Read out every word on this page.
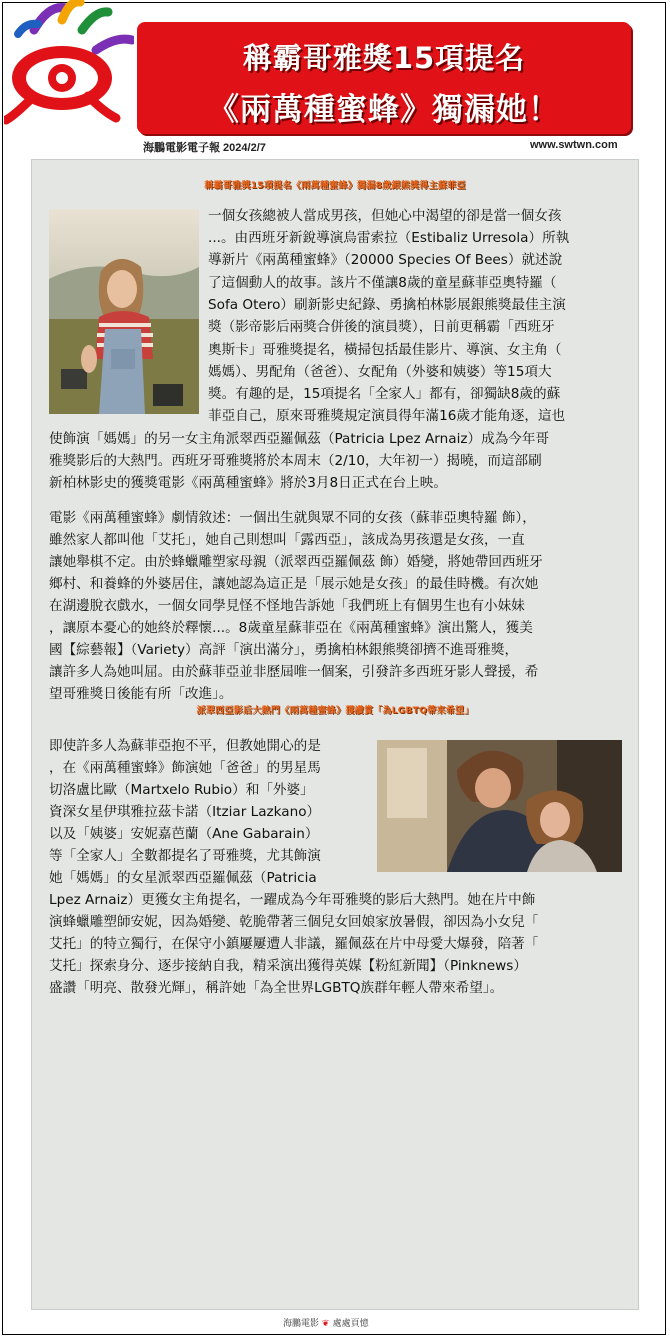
稱霸哥雅獎15項提名
《兩萬種蜜蜂》獨漏她！
海鵬電影電子報 2024/2/7	www.swtwn.com
稱霸哥雅獎15項提名《兩萬種蜜蜂》獨漏8歲銀熊獎得主蘇菲亞
一個女孩總被人當成男孩，但她心中渴望的卻是當一個女孩
...。由西班牙新銳導演烏雷索拉（Estibaliz Urresola）所執
導新片《兩萬種蜜蜂》（20000 Species Of Bees）就述說
了這個動人的故事。該片不僅讓8歲的童星蘇菲亞奧特羅（
Sofa Otero）刷新影史紀錄、勇擒柏林影展銀熊獎最佳主演
獎（影帝影后兩獎合併後的演員獎），日前更稱霸「西班牙
奧斯卡」哥雅獎提名，橫掃包括最佳影片、導演、女主角（
媽媽）、男配角（爸爸）、女配角（外婆和姨婆）等15項大
獎。有趣的是，15項提名「全家人」都有，卻獨缺8歲的蘇
菲亞自己，原來哥雅獎規定演員得年滿16歲才能角逐，這也
使飾演「媽媽」的另一女主角派翠西亞羅佩茲（Patricia Lpez Arnaiz）成為今年哥
雅獎影后的大熱門。西班牙哥雅獎將於本周末（2/10，大年初一）揭曉，而這部刷
新柏林影史的獲獎電影《兩萬種蜜蜂》將於3月8日正式在台上映。
電影《兩萬種蜜蜂》劇情敘述：一個出生就與眾不同的女孩（蘇菲亞奧特羅 飾），
雖然家人都叫他「艾托」，她自己則想叫「露西亞」，該成為男孩還是女孩，一直
讓她舉棋不定。由於蜂蠟雕塑家母親（派翠西亞羅佩茲 飾）婚變，將她帶回西班牙
鄉村、和養蜂的外婆居住，讓她認為這正是「展示她是女孩」的最佳時機。有次她
在湖邊脫衣戲水，一個女同學見怪不怪地告訴她「我們班上有個男生也有小妹妹
，讓原本憂心的她終於釋懷...。8歲童星蘇菲亞在《兩萬種蜜蜂》演出驚人，獲美
國【綜藝報】（Variety）高評「演出滿分」，勇擒柏林銀熊獎卻擠不進哥雅獎，
讓許多人為她叫屈。由於蘇菲亞並非歷屆唯一個案，引發許多西班牙影人聲援，希
望哥雅獎日後能有所「改進」。
派翠西亞影后大熱門《兩萬種蜜蜂》獲讚賞「為LGBTQ帶來希望」
即使許多人為蘇菲亞抱不平，但教她開心的是
，在《兩萬種蜜蜂》飾演她「爸爸」的男星馬
切洛盧比歐（Martxelo Rubio）和「外婆」
資深女星伊琪雅拉茲卡諾（Itziar Lazkano）
以及「姨婆」安妮嘉芭蘭（Ane Gabarain）
等「全家人」全數都提名了哥雅獎，尤其飾演
她「媽媽」的女星派翠西亞羅佩茲（Patricia
Lpez Arnaiz）更獲女主角提名，一躍成為今年哥雅獎的影后大熱門。她在片中飾
演蜂蠟雕塑師安妮，因為婚變、乾脆帶著三個兒女回娘家放暑假，卻因為小女兒「
艾托」的特立獨行，在保守小鎮屢屢遭人非議，羅佩茲在片中母愛大爆發，陪著「
艾托」探索身分、逐步接納自我，精采演出獲得英媒【粉紅新聞】（Pinknews）
盛讚「明亮、散發光輝」，稱許她「為全世界LGBTQ族群年輕人帶來希望」。
海鵬電影 ❦ 處處頁憶
